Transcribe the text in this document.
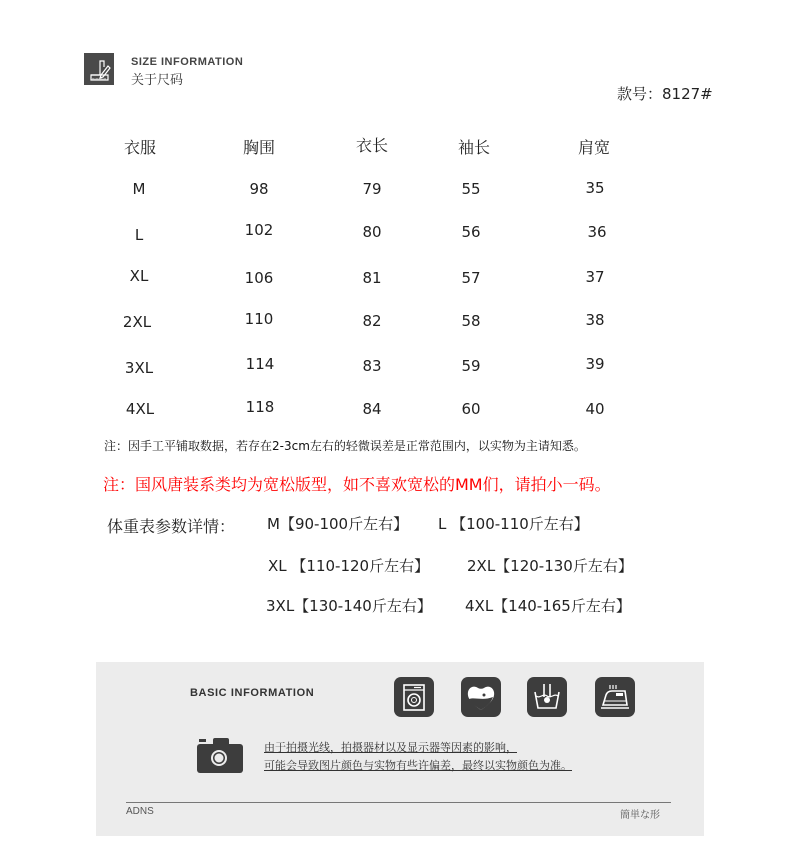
SIZE INFORMATION
关于尺码
款号：8127#
衣服	胸围	衣长	袖长	肩宽
M	98	79	55	35
L	102	80	56	36
XL	106	81	57	37
2XL	110	82	58	38
3XL	114	83	59	39
4XL	118	84	60	40
注：因手工平铺取数据，若存在2-3cm左右的轻微误差是正常范围内，以实物为主请知悉。
注：国风唐装系类均为宽松版型，如不喜欢宽松的MM们，请拍小一码。
体重表参数详情： M【90-100斤左右】 L 【100-110斤左右】
XL 【110-120斤左右】	2XL【120-130斤左右】
3XL【130-140斤左右】 4XL【140-165斤左右】
BASIC INFORMATION
由于拍摄光线，拍摄器材以及显示器等因素的影响，
可能会导致图片颜色与实物有些许偏差，最终以实物颜色为准。
ADNS	簡単な形
